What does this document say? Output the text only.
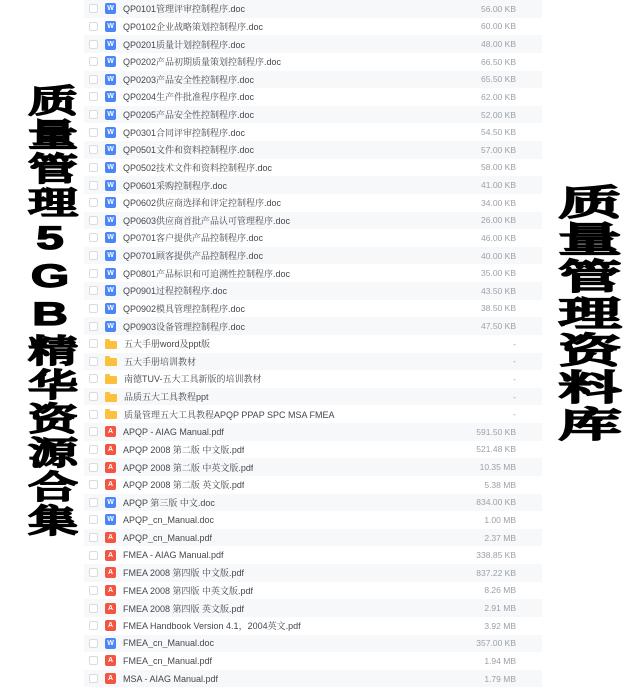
质量管理5GB精华资源合集	质量管理资料库
W QP0101管理评审控制程序.doc	56.00 KB
W QP0102企业战略策划控制程序.doc	60.00 KB
W QP0201质量计划控制程序.doc	48.00 KB
W QP0202产品初期质量策划控制程序.doc	66.50 KB
W QP0203产品安全性控制程序.doc	65.50 KB
W QP0204生产件批准程序程序.doc	62.00 KB
W QP0205产品安全性控制程序.doc	52.00 KB
W QP0301合同评审控制程序.doc	54.50 KB
W QP0501文件和资料控制程序.doc	57.00 KB
W QP0502技术文件和资料控制程序.doc	58.00 KB
W QP0601采购控制程序.doc	41.00 KB
W QP0602供应商选择和评定控制程序.doc	34.00 KB
W QP0603供应商首批产品认可管理程序.doc	26.00 KB
W QP0701客户提供产品控制程序.doc	46.00 KB
W QP0701顾客提供产品控制程序.doc	40.00 KB
W QP0801产品标识和可追溯性控制程序.doc	35.00 KB
W QP0901过程控制程序.doc	43.50 KB
W QP0902模具管理控制程序.doc	38.50 KB
W QP0903设备管理控制程序.doc	47.50 KB
五大手册word及ppt版	-
五大手册培训教材	-
南德TUV-五大工具新版的培训教材	-
品质五大工具教程ppt	-
质量管理五大工具教程APQP PPAP SPC MSA FMEA	-
A	APQP - AIAG Manual.pdf	591.50 KB
A	APQP 2008 第二版 中文版.pdf	521.48 KB
A	APQP 2008 第二版 中英文版.pdf	10.35 MB
A	APQP 2008 第二版 英文版.pdf	5.38 MB
W APQP 第三版 中文.doc	834.00 KB
W APQP_cn_Manual.doc	1.00 MB
A	APQP_cn_Manual.pdf	2.37 MB
A	FMEA - AIAG Manual.pdf	338.85 KB
A	FMEA 2008 第四版 中文版.pdf	837.22 KB
A	FMEA 2008 第四版 中英文版.pdf	8.26 MB
A	FMEA 2008 第四版 英文版.pdf	2.91 MB
A	FMEA Handbook Version 4.1，2004英文.pdf	3.92 MB
W FMEA_cn_Manual.doc	357.00 KB
A	FMEA_cn_Manual.pdf	1.94 MB
A	MSA - AIAG Manual.pdf	1.79 MB
